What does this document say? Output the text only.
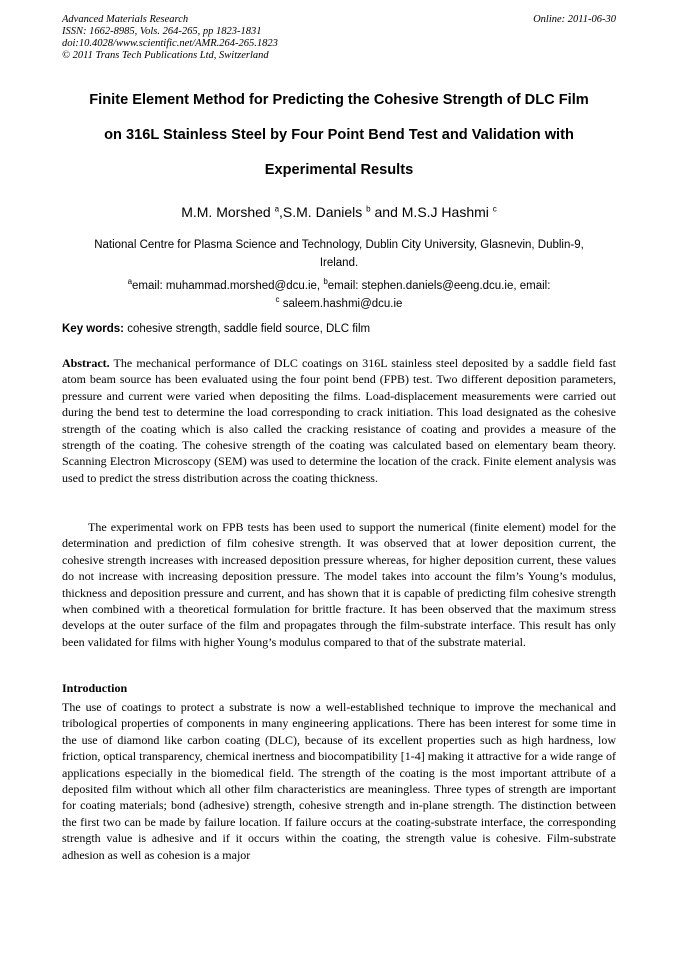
Advanced Materials Research
ISSN: 1662-8985, Vols. 264-265, pp 1823-1831
doi:10.4028/www.scientific.net/AMR.264-265.1823
© 2011 Trans Tech Publications Ltd, Switzerland
Online: 2011-06-30
Finite Element Method for Predicting the Cohesive Strength of DLC Film
on 316L Stainless Steel by Four Point Bend Test and Validation with
Experimental Results
M.M. Morshed $^a$,S.M. Daniels $^b$ and M.S.J Hashmi $^c$
National Centre for Plasma Science and Technology, Dublin City University, Glasnevin, Dublin-9,
Ireland.
$^a$email: muhammad.morshed@dcu.ie, $^b$email: stephen.daniels@eeng.dcu.ie, email:
$^c$ saleem.hashmi@dcu.ie
Key words: cohesive strength, saddle field source, DLC film

Abstract. The mechanical performance of DLC coatings on 316L stainless steel deposited by a saddle field fast atom beam source has been evaluated using the four point bend (FPB) test. Two different deposition parameters, pressure and current were varied when depositing the films. Load-displacement measurements were carried out during the bend test to determine the load corresponding to crack initiation. This load designated as the cohesive strength of the coating which is also called the cracking resistance of coating and provides a measure of the strength of the coating. The cohesive strength of the coating was calculated based on elementary beam theory. Scanning Electron Microscopy (SEM) was used to determine the location of the crack. Finite element analysis was used to predict the stress distribution across the coating thickness.

The experimental work on FPB tests has been used to support the numerical (finite element) model for the determination and prediction of film cohesive strength. It was observed that at lower deposition current, the cohesive strength increases with increased deposition pressure whereas, for higher deposition current, these values do not increase with increasing deposition pressure. The model takes into account the film’s Young’s modulus, thickness and deposition pressure and current, and has shown that it is capable of predicting film cohesive strength when combined with a theoretical formulation for brittle fracture. It has been observed that the maximum stress develops at the outer surface of the film and propagates through the film-substrate interface. This result has only been validated for films with higher Young’s modulus compared to that of the substrate material.

Introduction

The use of coatings to protect a substrate is now a well-established technique to improve the mechanical and tribological properties of components in many engineering applications. There has been interest for some time in the use of diamond like carbon coating (DLC), because of its excellent properties such as high hardness, low friction, optical transparency, chemical inertness and biocompatibility [1-4] making it attractive for a wide range of applications especially in the biomedical field. The strength of the coating is the most important attribute of a deposited film without which all other film characteristics are meaningless. Three types of strength are important for coating materials; bond (adhesive) strength, cohesive strength and in-plane strength. The distinction between the first two can be made by failure location. If failure occurs at the coating-substrate interface, the corresponding strength value is adhesive and if it occurs within the coating, the strength value is cohesive. Film-substrate adhesion as well as cohesion is a major
